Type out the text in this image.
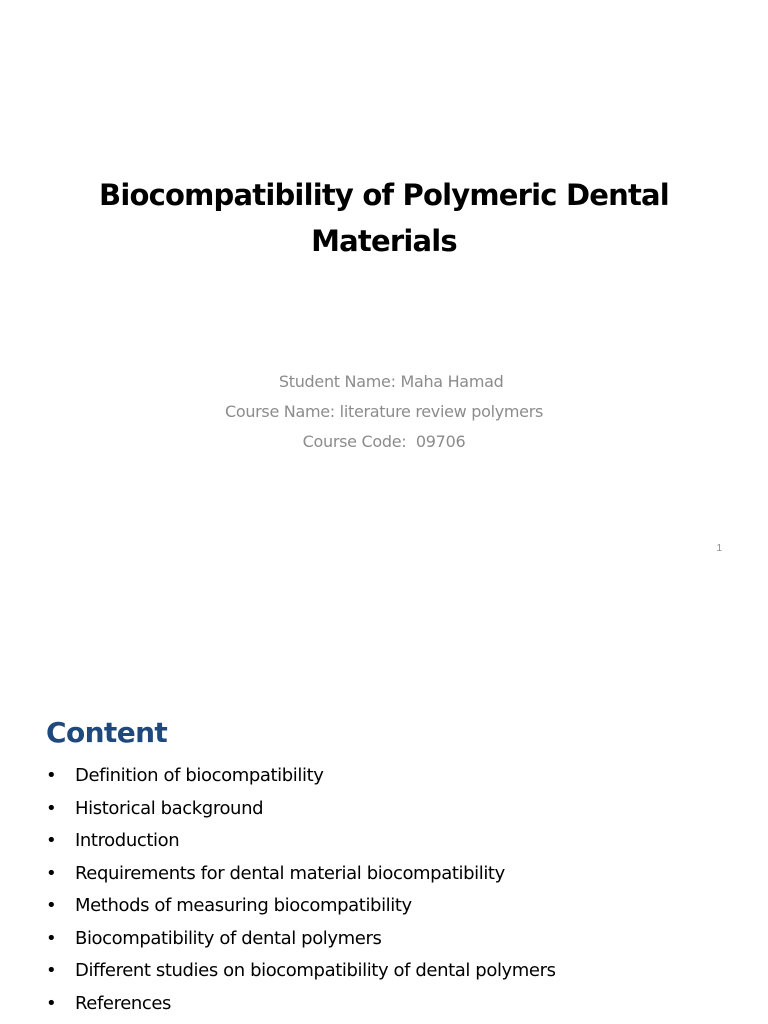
Biocompatibility of Polymeric Dental Materials
Student Name: Maha Hamad
Course Name: literature review polymers
Course Code:  09706
1
Content
•	Definition of biocompatibility
•	Historical background
•	Introduction
•	Requirements for dental material biocompatibility
•	Methods of measuring biocompatibility
•	Biocompatibility of dental polymers
•	Different studies on biocompatibility of dental polymers
•	References
